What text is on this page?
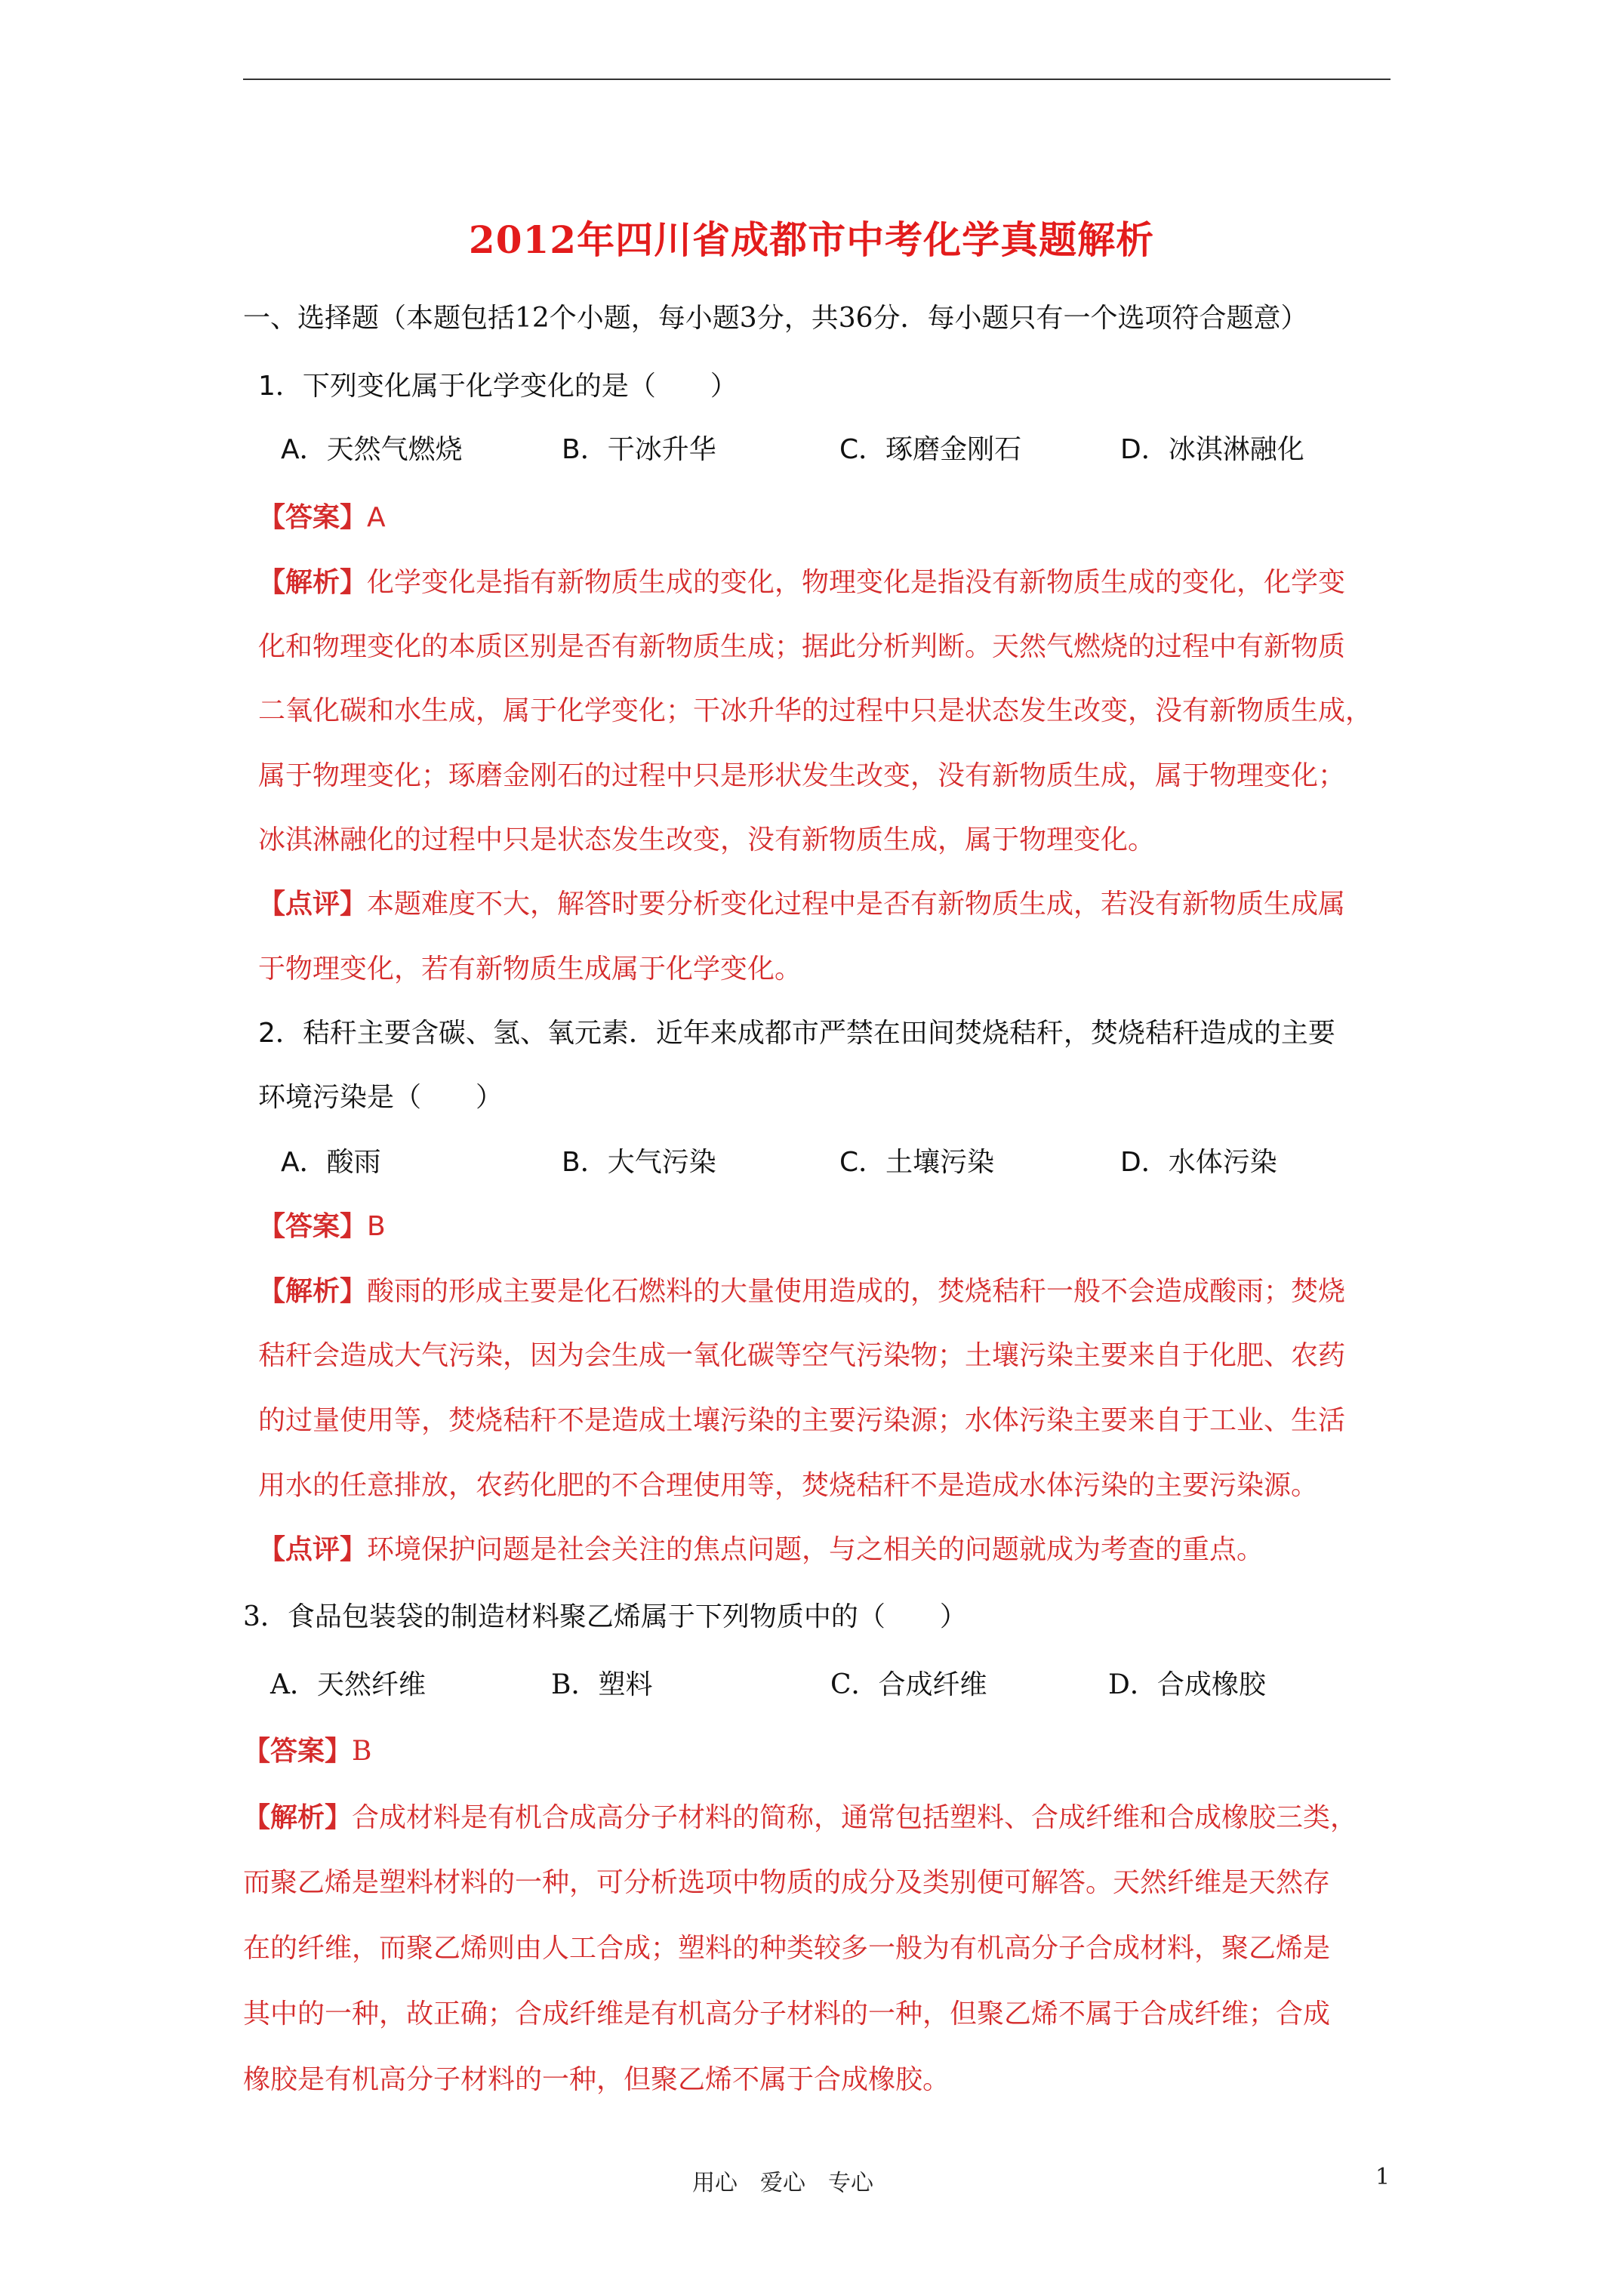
2012年四川省成都市中考化学真题解析
一、选择题（本题包括12个小题，每小题3分，共36分．每小题只有一个选项符合题意）
1．下列变化属于化学变化的是（　　）
A．天然气燃烧	B．干冰升华	C．琢磨金刚石	D．冰淇淋融化
【答案】A
【解析】化学变化是指有新物质生成的变化，物理变化是指没有新物质生成的变化，化学变
化和物理变化的本质区别是否有新物质生成；据此分析判断。天然气燃烧的过程中有新物质
二氧化碳和水生成，属于化学变化；干冰升华的过程中只是状态发生改变，没有新物质生成，
属于物理变化；琢磨金刚石的过程中只是形状发生改变，没有新物质生成，属于物理变化；
冰淇淋融化的过程中只是状态发生改变，没有新物质生成，属于物理变化。
【点评】本题难度不大，解答时要分析变化过程中是否有新物质生成，若没有新物质生成属
于物理变化，若有新物质生成属于化学变化。
2．秸秆主要含碳、氢、氧元素．近年来成都市严禁在田间焚烧秸秆，焚烧秸秆造成的主要
环境污染是（　　）
A．酸雨	B．大气污染	C．土壤污染	D．水体污染
【答案】B
【解析】酸雨的形成主要是化石燃料的大量使用造成的，焚烧秸秆一般不会造成酸雨；焚烧
秸秆会造成大气污染，因为会生成一氧化碳等空气污染物；土壤污染主要来自于化肥、农药
的过量使用等，焚烧秸秆不是造成土壤污染的主要污染源；水体污染主要来自于工业、生活
用水的任意排放，农药化肥的不合理使用等，焚烧秸秆不是造成水体污染的主要污染源。
【点评】环境保护问题是社会关注的焦点问题，与之相关的问题就成为考查的重点。
3．食品包装袋的制造材料聚乙烯属于下列物质中的（　　）
A．天然纤维	B．塑料	C．合成纤维	D．合成橡胶
【答案】B
【解析】合成材料是有机合成高分子材料的简称，通常包括塑料、合成纤维和合成橡胶三类，
而聚乙烯是塑料材料的一种，可分析选项中物质的成分及类别便可解答。天然纤维是天然存
在的纤维，而聚乙烯则由人工合成；塑料的种类较多一般为有机高分子合成材料，聚乙烯是
其中的一种，故正确；合成纤维是有机高分子材料的一种，但聚乙烯不属于合成纤维；合成
橡胶是有机高分子材料的一种，但聚乙烯不属于合成橡胶。
用心　爱心　专心	1
